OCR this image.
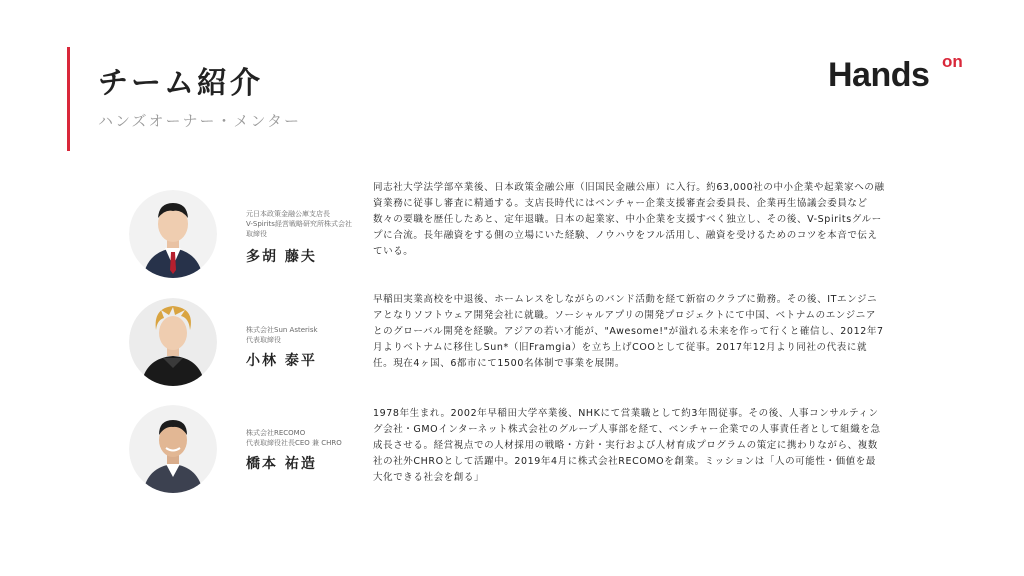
チーム紹介
ハンズオーナー・メンター
Hands on
元日本政策金融公庫支店長
V-Spirits経営戦略研究所株式会社
取締役
多胡 藤夫

同志社大学法学部卒業後、日本政策金融公庫（旧国民金融公庫）に入行。約63,000社の中小企業や起業家への融資業務に従事し審査に精通する。支店長時代にはベンチャー企業支援審査会委員長、企業再生協議会委員など数々の要職を歴任したあと、定年退職。日本の起業家、中小企業を支援すべく独立し、その後、V-Spiritsグループに合流。長年融資をする側の立場にいた経験、ノウハウをフル活用し、融資を受けるためのコツを本音で伝えている。

株式会社Sun Asterisk
代表取締役
小林 泰平

早稲田実業高校を中退後、ホームレスをしながらのバンド活動を経て新宿のクラブに勤務。その後、ITエンジニアとなりソフトウェア開発会社に就職。ソーシャルアプリの開発プロジェクトにて中国、ベトナムのエンジニアとのグローバル開発を経験。アジアの若い才能が、"Awesome!"が溢れる未来を作って行くと確信し、2012年7月よりベトナムに移住しSun*（旧Framgia）を立ち上げCOOとして従事。2017年12月より同社の代表に就任。現在4ヶ国、6都市にて1500名体制で事業を展開。

株式会社RECOMO
代表取締役社長CEO 兼 CHRO
橋本 祐造

1978年生まれ。2002年早稲田大学卒業後、NHKにて営業職として約3年間従事。その後、人事コンサルティング会社・GMOインターネット株式会社のグループ人事部を経て、ベンチャー企業での人事責任者として組織を急成長させる。経営視点での人材採用の戦略・方針・実行および人材育成プログラムの策定に携わりながら、複数社の社外CHROとして活躍中。2019年4月に株式会社RECOMOを創業。ミッションは「人の可能性・価値を最大化できる社会を創る」
